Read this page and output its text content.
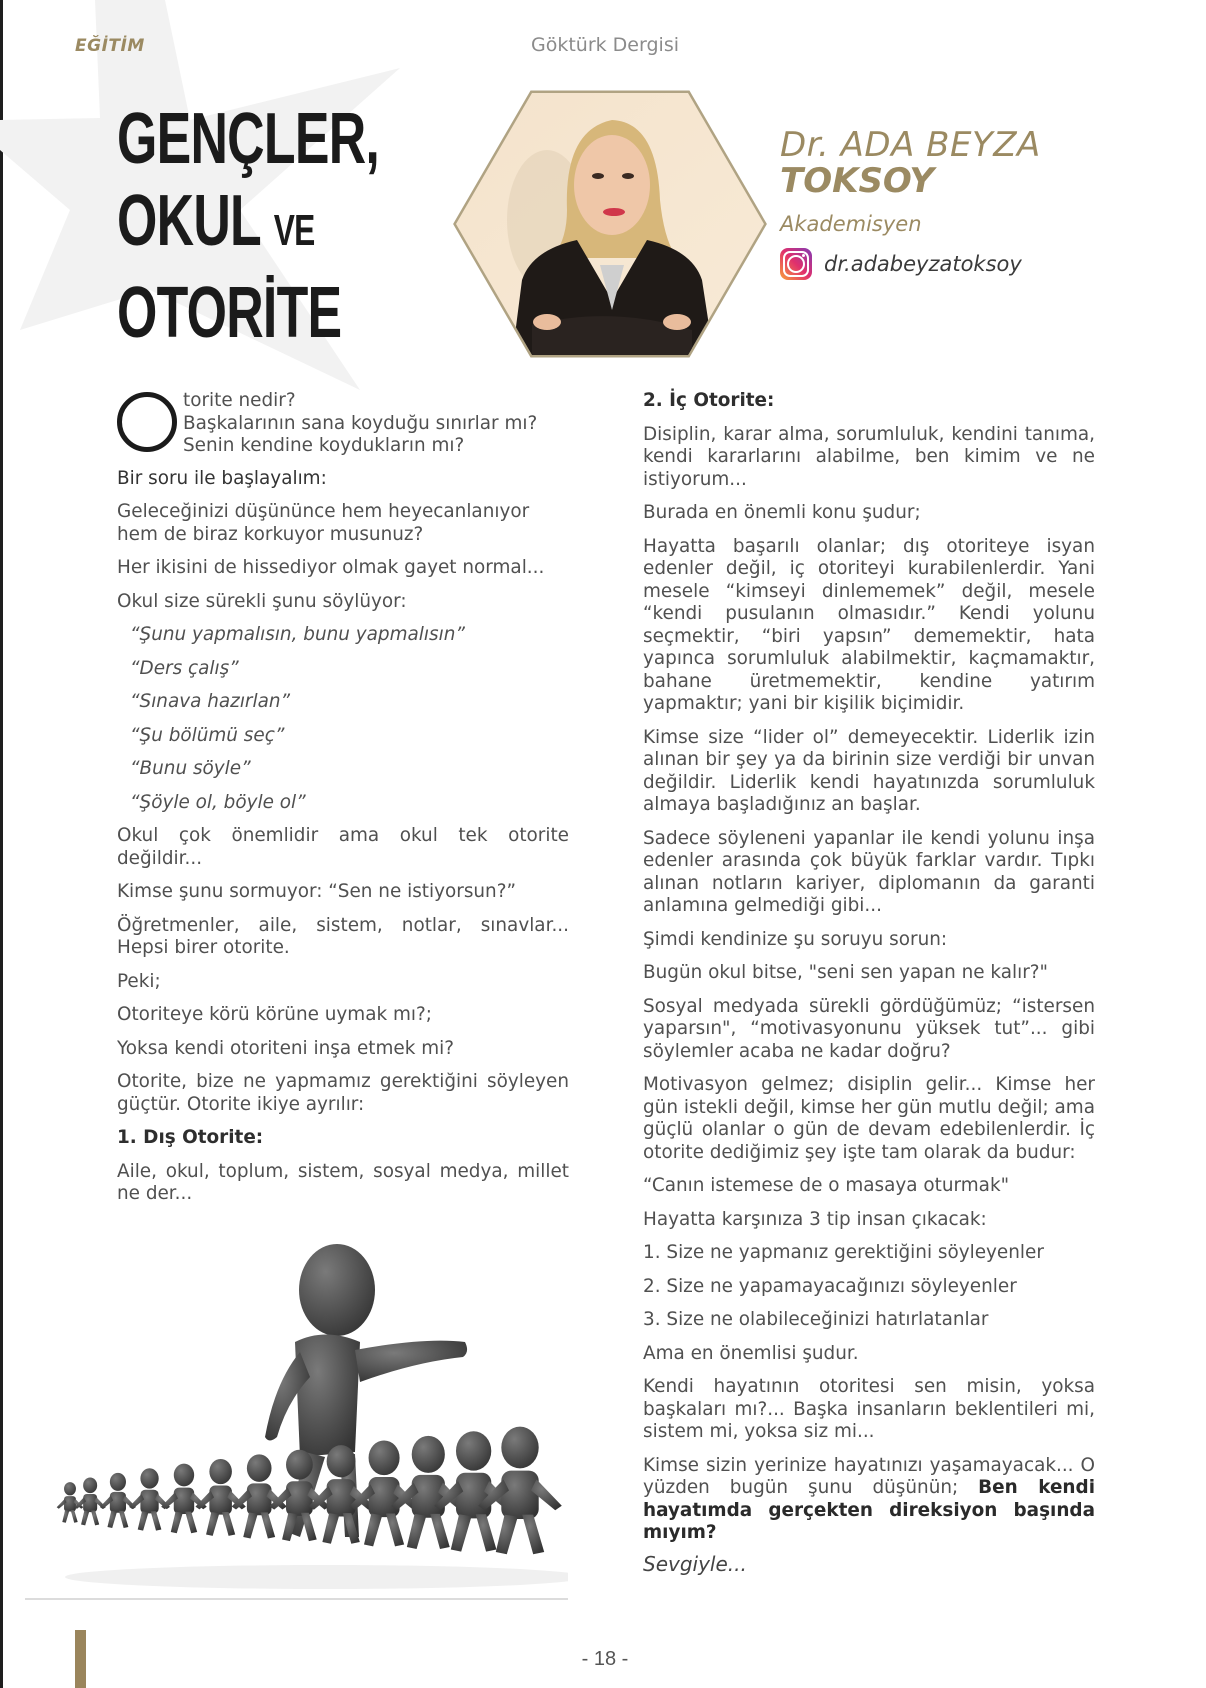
EĞİTİM	Göktürk Dergisi
GENÇLER,
OKUL VE
OTORİTE
Dr. ADA BEYZA
TOKSOY
Akademisyen
dr.adabeyzatoksoy
torite nedir?
Başkalarının sana koyduğu sınırlar mı?
Senin kendine koydukların mı?

Bir soru ile başlayalım:

Geleceğinizi düşününce hem heyecanlanıyor hem de biraz korkuyor musunuz?

Her ikisini de hissediyor olmak gayet normal...

Okul size sürekli şunu söylüyor:

“Şunu yapmalısın, bunu yapmalısın”

“Ders çalış”

“Sınava hazırlan”

“Şu bölümü seç”

“Bunu söyle”

“Şöyle ol, böyle ol”

Okul çok önemlidir ama okul tek otorite değildir...

Kimse şunu sormuyor: “Sen ne istiyorsun?”

Öğretmenler, aile, sistem, notlar, sınavlar... Hepsi birer otorite.

Peki;

Otoriteye körü körüne uymak mı?;

Yoksa kendi otoriteni inşa etmek mi?

Otorite, bize ne yapmamız gerektiğini söyleyen güçtür. Otorite ikiye ayrılır:

1. Dış Otorite:

Aile, okul, toplum, sistem, sosyal medya, millet ne der...

2. İç Otorite:

Disiplin, karar alma, sorumluluk, kendini tanıma, kendi kararlarını alabilme, ben kimim ve ne istiyorum...

Burada en önemli konu şudur;

Hayatta başarılı olanlar; dış otoriteye isyan edenler değil, iç otoriteyi kurabilenlerdir. Yani mesele “kimseyi dinlememek” değil, mesele “kendi pusulanın olmasıdır.” Kendi yolunu seçmektir, “biri yapsın” dememektir, hata yapınca sorumluluk alabilmektir, kaçmamaktır, bahane üretmemektir, kendine yatırım yapmaktır; yani bir kişilik biçimidir.

Kimse size “lider ol” demeyecektir. Liderlik izin alınan bir şey ya da birinin size verdiği bir unvan değildir. Liderlik kendi hayatınızda sorumluluk almaya başladığınız an başlar.

Sadece söyleneni yapanlar ile kendi yolunu inşa edenler arasında çok büyük farklar vardır. Tıpkı alınan notların kariyer, diplomanın da garanti anlamına gelmediği gibi...

Şimdi kendinize şu soruyu sorun:

Bugün okul bitse, "seni sen yapan ne kalır?"

Sosyal medyada sürekli gördüğümüz; “istersen yaparsın", “motivasyonunu yüksek tut”... gibi söylemler acaba ne kadar doğru?

Motivasyon gelmez; disiplin gelir... Kimse her gün istekli değil, kimse her gün mutlu değil; ama güçlü olanlar o gün de devam edebilenlerdir. İç otorite dediğimiz şey işte tam olarak da budur:

“Canın istemese de o masaya oturmak"

Hayatta karşınıza 3 tip insan çıkacak:

1. Size ne yapmanız gerektiğini söyleyenler

2. Size ne yapamayacağınızı söyleyenler

3. Size ne olabileceğinizi hatırlatanlar

Ama en önemlisi şudur.

Kendi hayatının otoritesi sen misin, yoksa başkaları mı?... Başka insanların beklentileri mi, sistem mi, yoksa siz mi...

Kimse sizin yerinize hayatınızı yaşamayacak... O yüzden bugün şunu düşünün; Ben kendi hayatımda gerçekten direksiyon başında mıyım?

Sevgiyle...

- 18 -
